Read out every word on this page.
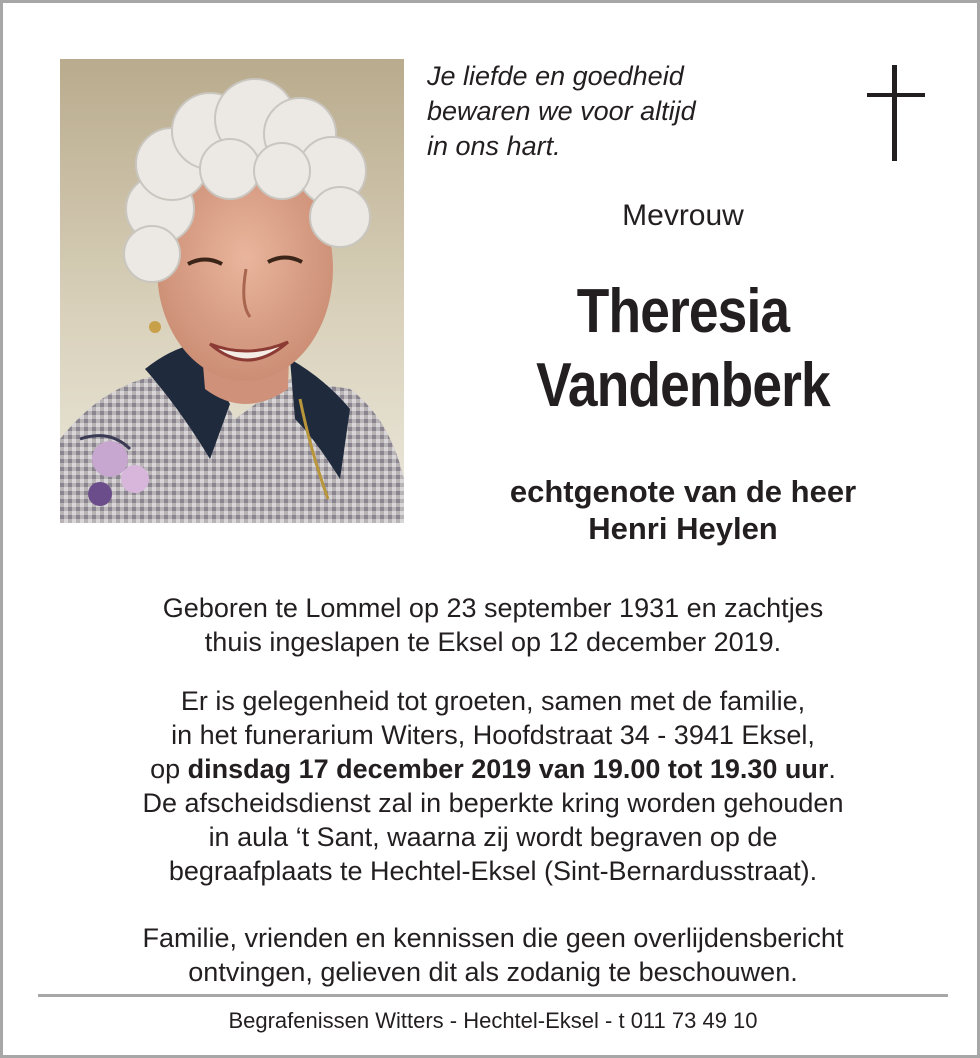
Je liefde en goedheid
bewaren we voor altijd
in ons hart.
Mevrouw
Theresia
Vandenberk
echtgenote van de heer
Henri Heylen
Geboren te Lommel op 23 september 1931 en zachtjes
thuis ingeslapen te Eksel op 12 december 2019.
Er is gelegenheid tot groeten, samen met de familie,
in het funerarium Witers, Hoofdstraat 34 - 3941 Eksel,
op dinsdag 17 december 2019 van 19.00 tot 19.30 uur.
De afscheidsdienst zal in beperkte kring worden gehouden
in aula ‘t Sant, waarna zij wordt begraven op de
begraafplaats te Hechtel-Eksel (Sint-Bernardusstraat).
Familie, vrienden en kennissen die geen overlijdensbericht
ontvingen, gelieven dit als zodanig te beschouwen.
Begrafenissen Witters - Hechtel-Eksel - t 011 73 49 10
